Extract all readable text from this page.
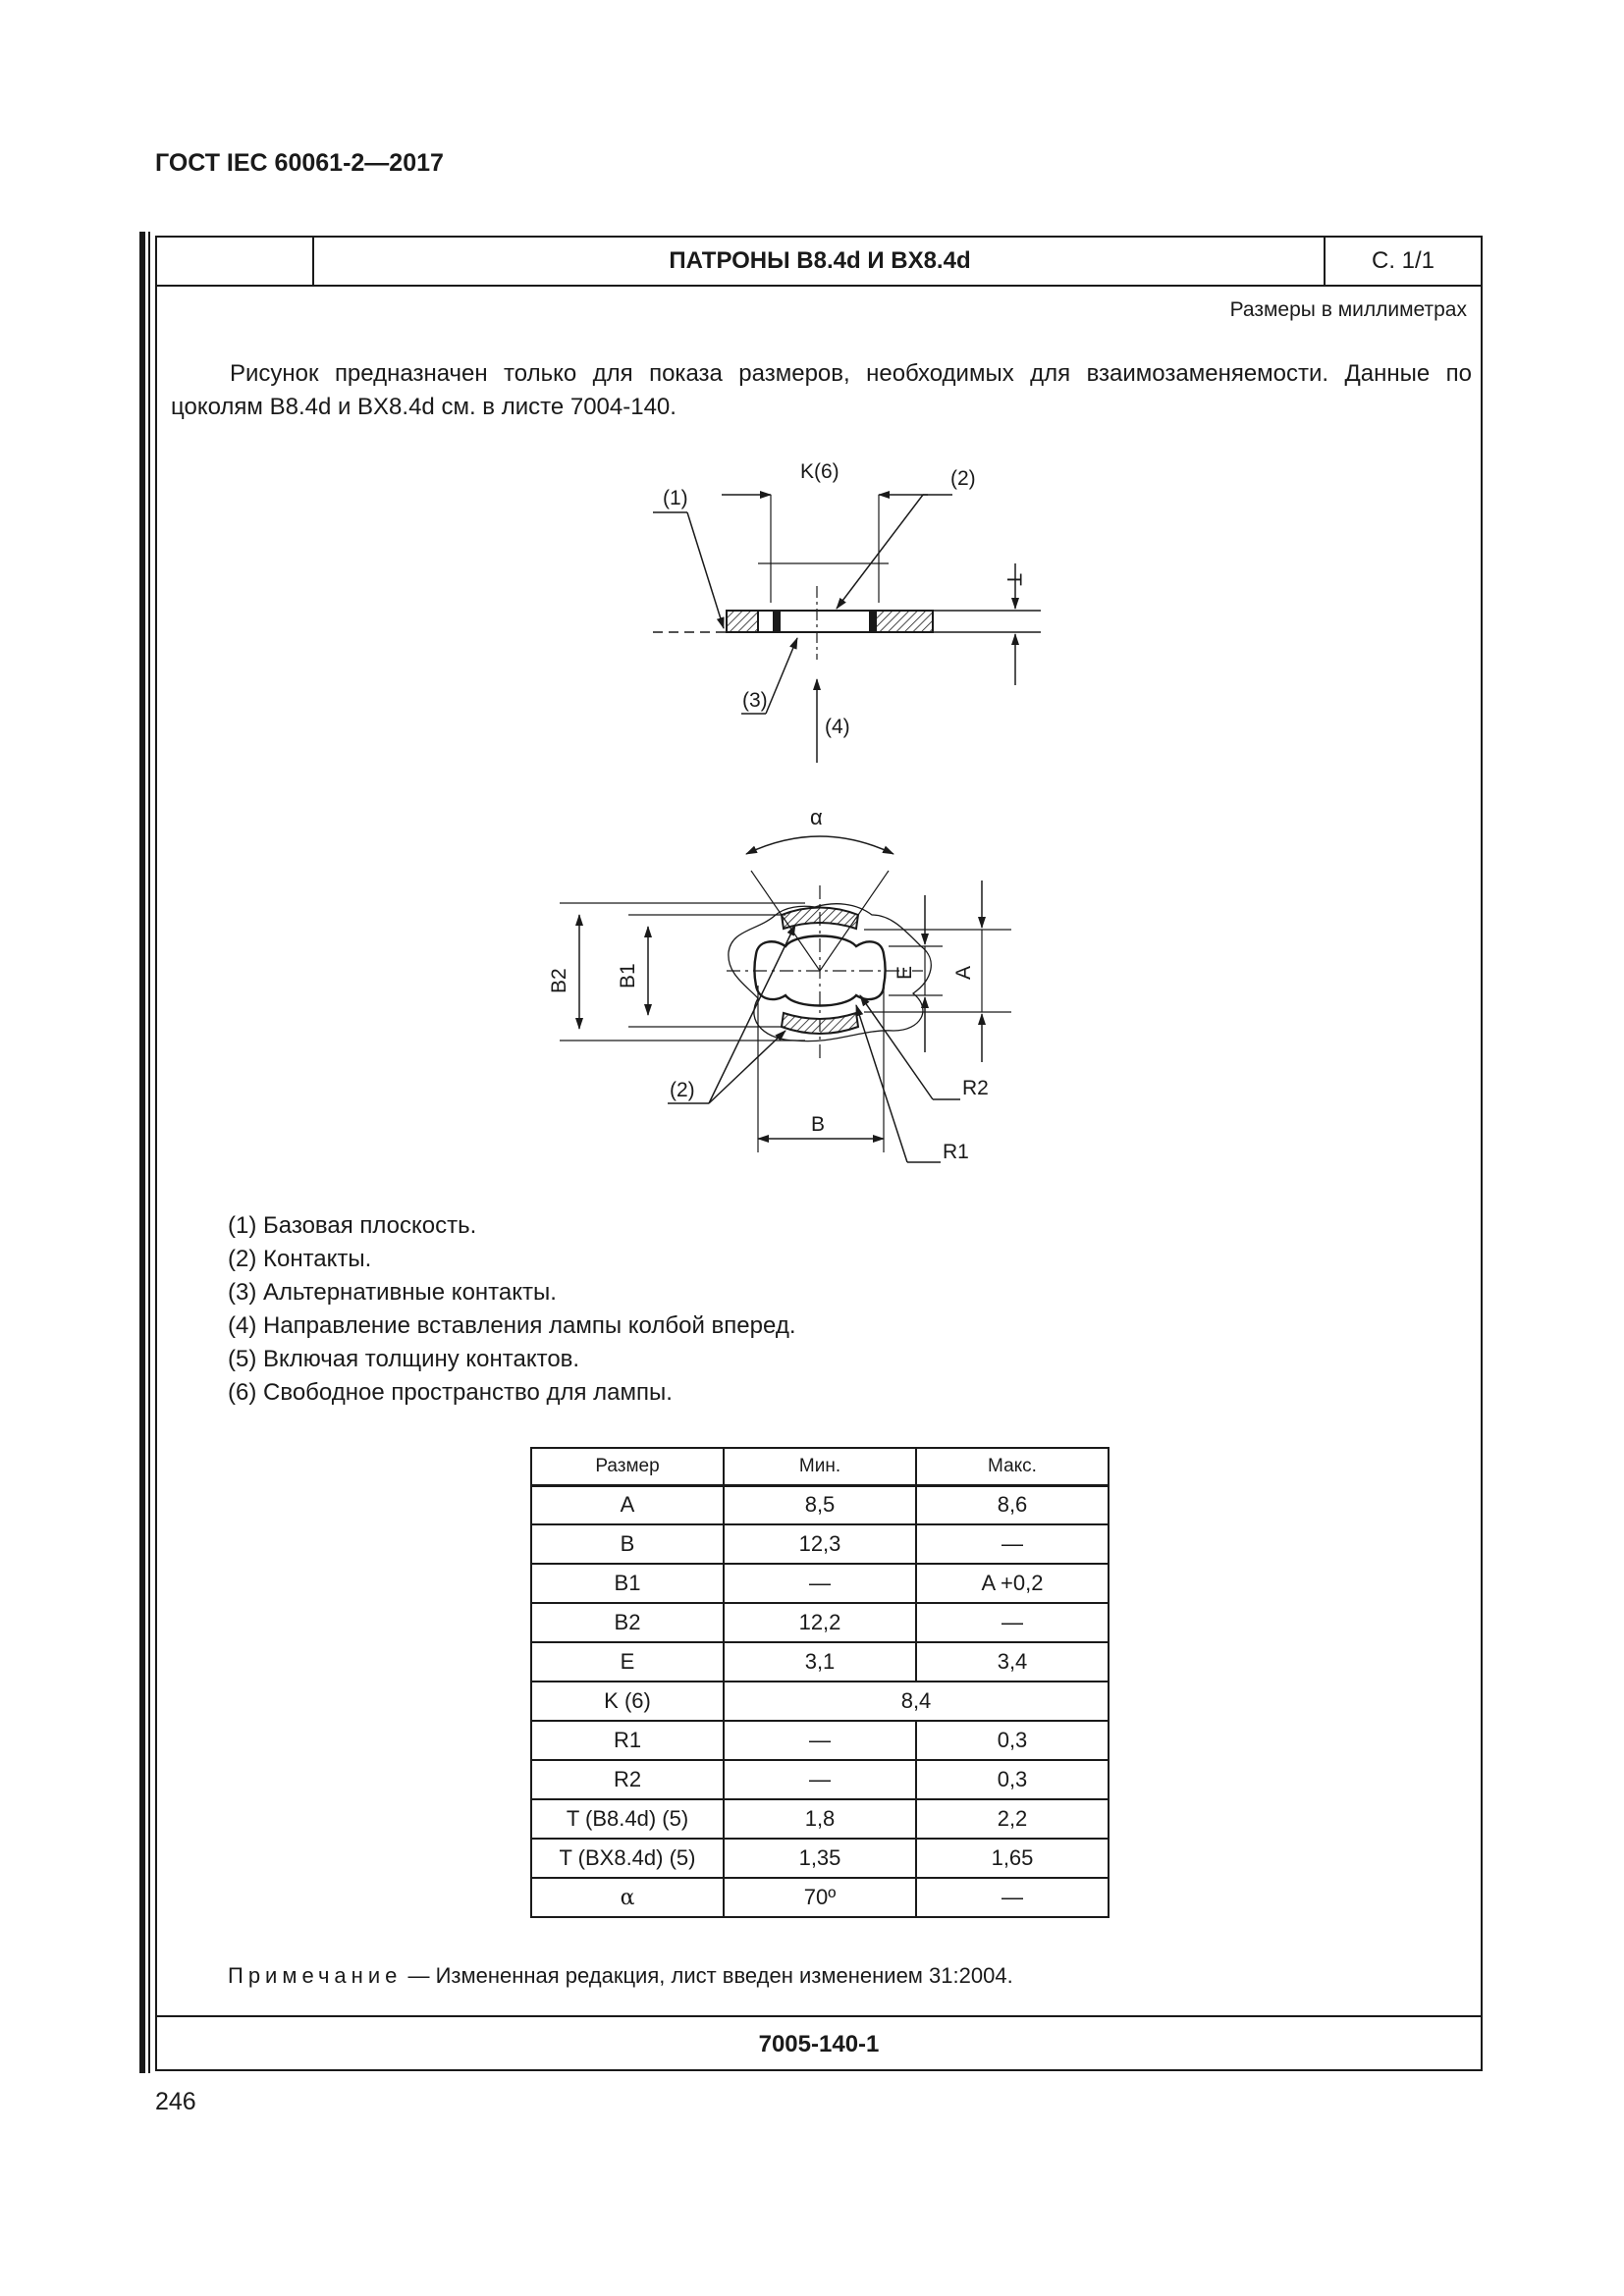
ГОСТ IEC 60061-2—2017
ПАТРОНЫ B8.4d И BX8.4d	С. 1/1
Размеры в миллиметрах
Рисунок предназначен только для показа размеров, необходимых для взаимозаменяемости. Данные по цоколям B8.4d и BX8.4d см. в листе 7004-140.
(1)
(2)
(3)
(4)
K(6)
T
α
B2 B1	E A
B
(2)	R2
R1
(1) Базовая плоскость.
(2) Контакты.
(3) Альтернативные контакты.
(4) Направление вставления лампы колбой вперед.
(5) Включая толщину контактов.
(6) Свободное пространство для лампы.
Размер	Мин.	Макс.
A	8,5	8,6
B	12,3	—
B1	—	A +0,2
B2	12,2	—
E	3,1	3,4
K (6)	8,4	
R1	—	0,3
R2	—	0,3
T (B8.4d) (5)	1,8	2,2
T (BX8.4d) (5)	1,35	1,65
α	70º	—
Примечание — Измененная редакция, лист введен изменением 31:2004.
7005-140-1
246
